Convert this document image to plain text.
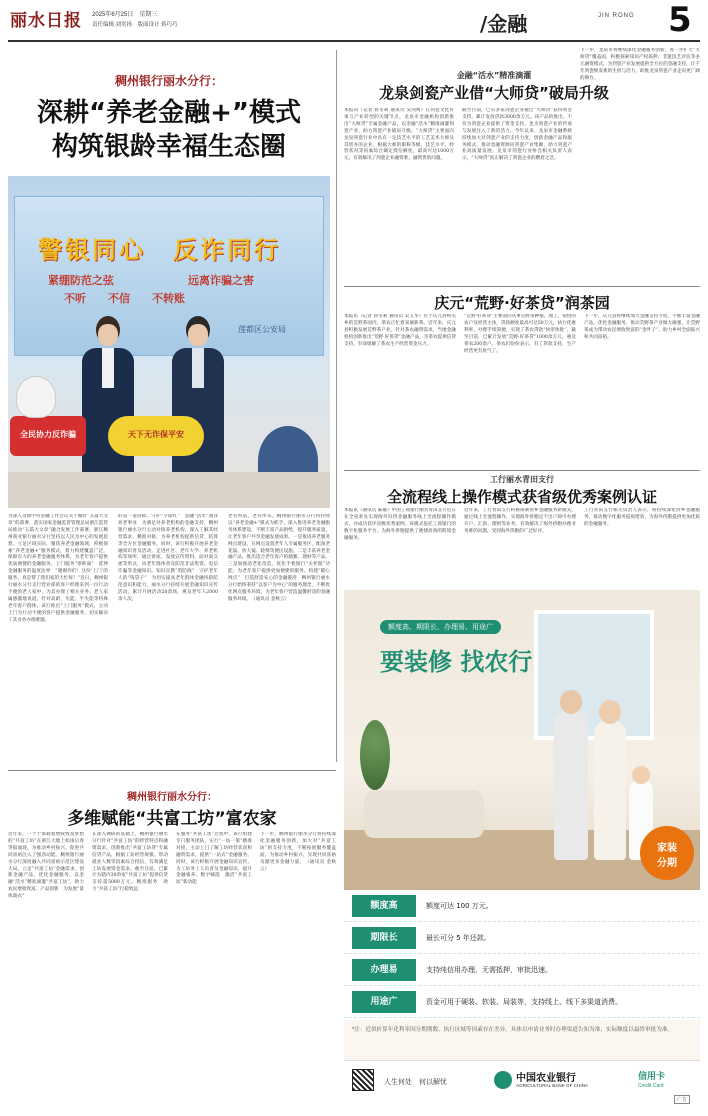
丽水日报 2025年6月25日　星期三
责任编辑 刘奕扬　版面设计 蒋巧巧	/金融	JIN RONG 5
稠州银行丽水分行：
深耕“养老金融+”模式
构筑银龄幸福生态圈
警银同心　反诈同行
紧绷防范之弦	远离诈骗之害
不听　　不信　　不转账
莲都区公安局
全民协力反诈骗	天下无诈保平安

为深入贯彻中央金融工作会议关于做好“五篇大文章”的部署，落实国家金融监督管理总局浙江监管局推动“五篇大文章”融合发展工作部署，浙江稠州商业银行丽水分行坚持以人民为中心的发展思想，立足区域实际，聚焦养老金融领域，积极探索“养老金融+”服务模式，着力构建覆盖广泛、保障有力的养老金融服务体系，为老年客户提供优质便捷的金融服务。上门服务“零距离”　延伸金融服务的温度边界　“谢谢你们！这份‘上门’的服务，真是帮了我们家的大忙呀！”近日，稠州银行丽水分行支行营业部的客户经理来到一位行动不便的老人家中，为其办理了相关业务。老人家属感激地说道。针对高龄、失能、半失能等特殊老年客户群体，该行推出“上门服务”模式，主动上门为行动不便的客户提供金融服务，切实解决了其业务办理难题。

的第一道屏障。守护“夕阳红”　金融“活水”润泽养老事业　为满足对养老机构的金融支持，稠州银行丽水分行主动对接养老机构，深入了解其经营需求，精准对接，为养老机构提供信贷、结算等全方位金融服务。同时，该行积极开展养老金融知识普及活动，走进社区、老年大学、养老机构等场所，通过讲座、发放宣传资料、面对面交流等形式，向老年群体普及防范非法集资、电信诈骗等金融知识。知识宣教“筑防线”　守护老年人的“钱袋子”　为切实提高老年群体金融风险防范意识和能力，丽水分行持续开展金融知识宣传活动，累计开展活动20余场，惠及老年人2000余人次。

老有所依，老有所乐。稠州银行丽水分行将持续以“养老金融+”模式为抓手，深入推进养老金融服务体系建设，不断丰富产品供给，提升服务质量，让老年客户共享金融发展成果。一是推进养老服务网点建设，在网点设置老年人专属服务区，配备老花镜、放大镜、轮椅等便民设施。二是丰富养老金融产品，推出适合老年客户的储蓄、理财等产品。三是加强适老化改造，优化手机银行“关怀版”功能，为老年客户提供更加便捷的服务。构建“暖心网点”　打造舒适安心的金融港湾　稠州银行丽水分行始终秉持“以客户为中心”的服务理念，不断优化网点服务环境，为老年客户营造温馨舒适的金融服务环境。　（通讯员 金秋云）

金融“活水”精准滴灌
龙泉剑瓷产业借“大师贷”破局升级

本报讯（记者 蒋冬莉 通讯员 吴剑鸣）在剑瓷文化传承与产业转型的关键节点，龙泉市金融机构创新推出“大师贷”专属金融产品，以金融“活水”精准滴灌剑瓷产业，助力剑瓷产业破局升级。“大师贷”主要面向龙泉剑瓷行业中具有一定技艺水平的工艺美术大师及其创办的企业，根据大师的职称等级、技艺水平、经营状况等因素综合确定授信额度，最高可达1000万元，有效解决了剑瓷企业融资难、融资贵的问题。

截至目前，已有多家剑瓷企业通过“大师贷”获得资金支持，累计发放贷款3000余万元。该产品的推出，不仅为剑瓷企业提供了资金支持，也为剑瓷产业的传承与发展注入了新的活力。今年以来，龙泉市金融系统持续加大对剑瓷产业的支持力度，创新金融产品和服务模式，推动金融资源向剑瓷产业集聚，助力剑瓷产业高质量发展。龙泉市剑瓷行业协会相关负责人表示，“大师贷”真正解决了剑瓷企业的燃眉之急。

下一步，龙泉市将继续深化金融服务创新，进一步扩大“大师贷”覆盖面，积极探索知识产权质押、非遗技艺评估等多元融资模式，为剑瓷产业发展提供全方位的金融支持，让千年剑瓷焕发新的生机与活力，助推龙泉剑瓷产业走向更广阔的舞台。

庆元“荒野·好茶贷”润茶园

本报讯（记者 蒋冬莉 通讯员 吴玉华）位于庆元县岭头乡的荒野茶园内，茶农正忙着采摘新茶。近年来，庆元县积极发展荒野茶产业，针对茶农融资需求，当地金融机构创新推出“荒野·好茶贷”金融产品，为茶农提供信贷支持，有效缓解了茶农生产经营资金压力。

“荒野·好茶贷”主要面向从事荒野茶种植、加工、销售的农户及经营主体，贷款额度最高可达50万元，执行优惠利率，办理手续简便，实现了茶农贷款“快审快批”。截至目前，已累计发放“荒野·好茶贷”1000余万元，惠及茶农200余户。茶农们纷纷表示，有了贷款支持，生产经营更有底气了。

下一步，庆元县将继续加大金融支持力度，不断丰富金融产品，优化金融服务，推动荒野茶产业做大做强，让荒野茶成为带动农民增收致富的“金叶子”，助力乡村全面振兴和共同富裕。

工行丽水青田支行
全流程线上操作模式获省级优秀案例认证

本报讯（通讯员 陈敏）中国工商银行丽水青田支行近日在全省率先实现海外归侨金融服务线上全流程操作模式，并成功获评省级优秀案例。该模式依托工商银行的数字化服务平台，为海外侨胞提供了便捷高效的跨境金融服务。

近年来，工行青田支行积极探索侨乡金融服务新模式，通过线上全流程操作，实现海外侨胞足不出户即可办理开户、汇款、理财等业务，有效解决了海外侨胞办理业务难的问题，受到海外侨胞的广泛好评。

工行青田支行相关负责人表示，将持续深化侨乡金融服务，推动数字化服务提质增效，为海外侨胞提供更加优质的金融服务。

要装修 找农行
额度高、期限长、办理易、用途广
家装
分期
额度高	额度可达 100 万元。
期限长	最长可分 5 年还款。
办理易	支持纯信用办理，无需抵押，审批迅速。
用途广	资金可用于硬装、软装、局装等，支持线上、线下多渠道消费。
*注：近似折算年化利率因分期期数、执行区域等因素存在差异。具体以申请业务时办理渠道告知为准；实际额度以最终审批为准。
人生何处　何以解忧	中国农业银行
AGRICULTURAL BANK OF CHINA
信用卡
Credit Card
广告
稠州银行丽水分行：
多维赋能“共富工坊”富农家

近年来，一个个承载着增收致富梦想的“共富工坊”在浙江大地上如雨后春笋般涌现，为推动乡村振兴、促进共同富裕注入了强劲动能。稠州银行丽水分行深度融入共同富裕示范区建设大局，立足“共富工坊”金融需求，创新金融产品，优化金融服务，以金融“活水”精准滴灌“共富工坊”，助力农民增收致富。产品创新　为发展“量体裁衣”

在深入调研的基础上，稠州银行丽水分行针对“共富工坊”的经营特点和融资需求，创新推出“共富工坊贷”专属信贷产品，根据工坊经营规模、带动就业人数等因素综合授信，有效满足工坊发展资金需求。截至目前，已累计为辖内30余家“共富工坊”提供信贷支持超5000万元。精准服务　助力“共富工坊”行稳致远

在服务“共富工坊”过程中，该行组建专门服务团队，实行“一坊一策”精准对接，主动上门了解工坊经营状况和融资需求，提供“一站式”金融服务。同时，该行积极开展金融知识宣传，为工坊务工人员普及金融知识，提升金融素养。数字赋能　激活“共富工坊”新动能

下一步，稠州银行丽水分行将持续深化金融服务创新，加大对“共富工坊”的支持力度，不断拓展服务覆盖面，为推动乡村振兴、实现共同富裕贡献更多金融力量。　（通讯员 金秋云）
